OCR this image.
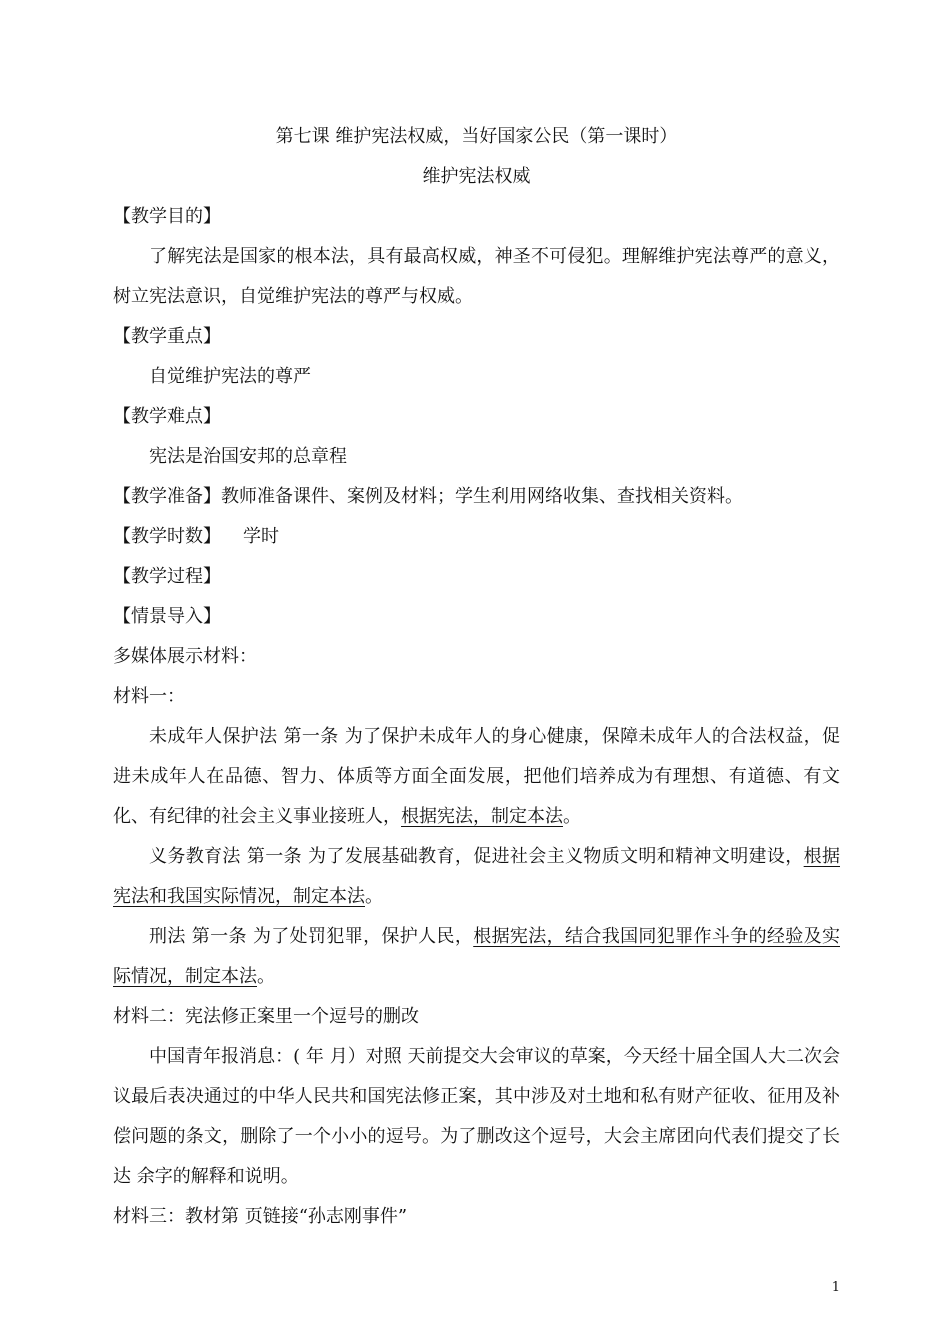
第七课 维护宪法权威，当好国家公民（第一课时）
维护宪法权威
【教学目的】
了解宪法是国家的根本法，具有最高权威，神圣不可侵犯。理解维护宪法尊严的意义，树立宪法意识，自觉维护宪法的尊严与权威。
【教学重点】
自觉维护宪法的尊严
【教学难点】
宪法是治国安邦的总章程
【教学准备】教师准备课件、案例及材料；学生利用网络收集、查找相关资料。
【教学时数】 学时
【教学过程】
【情景导入】
多媒体展示材料：
材料一：
未成年人保护法 第一条 为了保护未成年人的身心健康，保障未成年人的合法权益，促进未成年人在品德、智力、体质等方面全面发展，把他们培养成为有理想、有道德、有文化、有纪律的社会主义事业接班人，根据宪法，制定本法。
义务教育法 第一条 为了发展基础教育，促进社会主义物质文明和精神文明建设，根据宪法和我国实际情况，制定本法。
刑法 第一条 为了处罚犯罪，保护人民，根据宪法，结合我国同犯罪作斗争的经验及实际情况，制定本法。
材料二：宪法修正案里一个逗号的删改
中国青年报消息：( 年 月）对照 天前提交大会审议的草案，今天经十届全国人大二次会议最后表决通过的中华人民共和国宪法修正案，其中涉及对土地和私有财产征收、征用及补偿问题的条文，删除了一个小小的逗号。为了删改这个逗号，大会主席团向代表们提交了长达 余字的解释和说明。
材料三：教材第 页链接“孙志刚事件”
1
